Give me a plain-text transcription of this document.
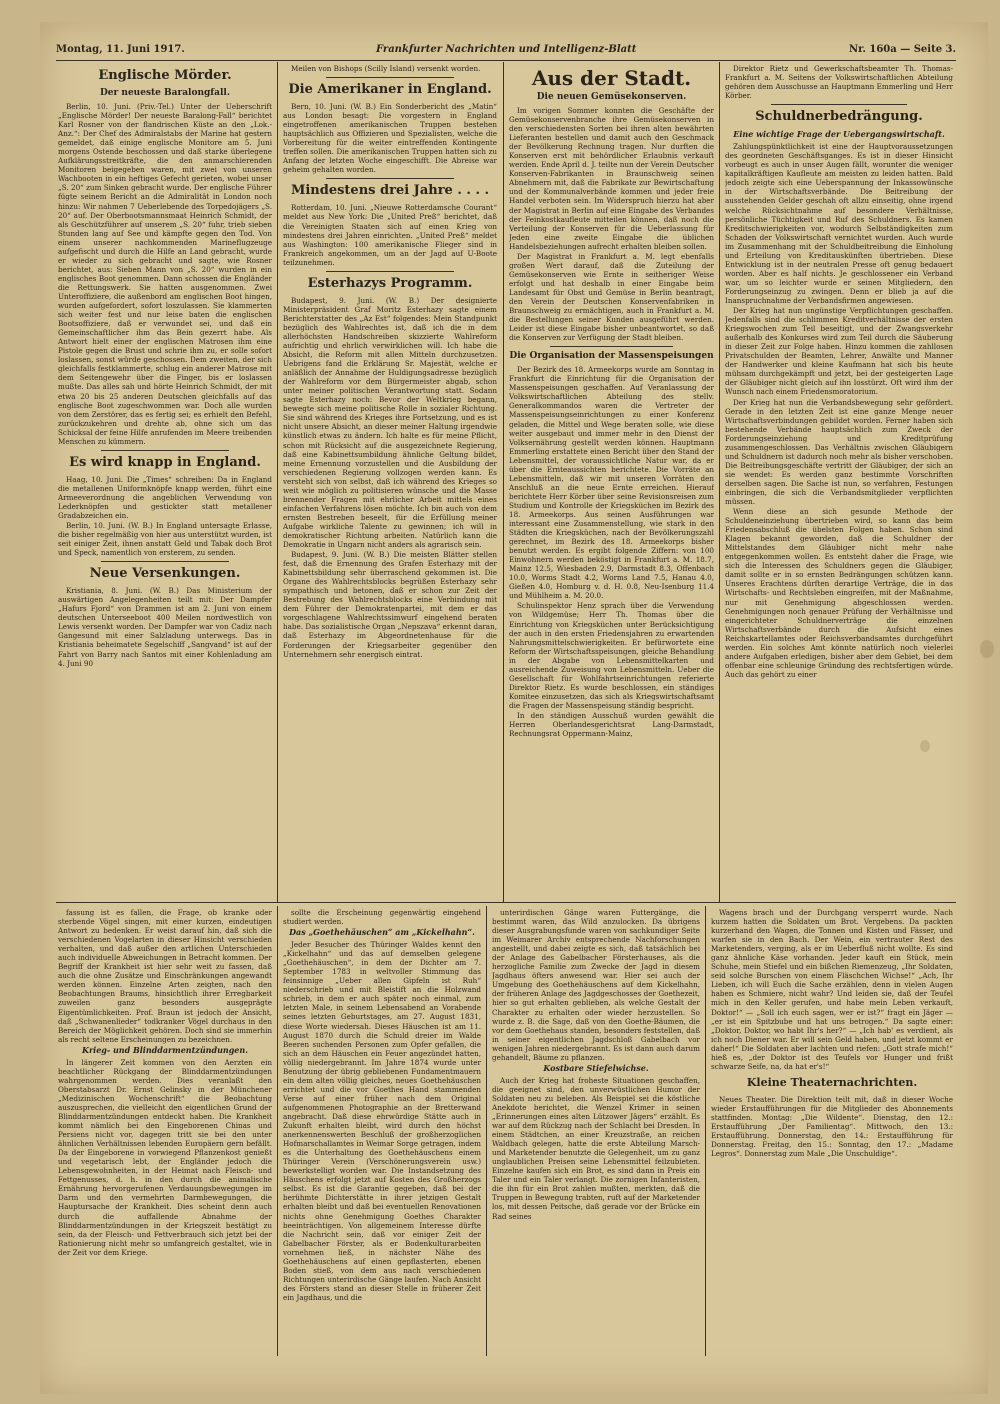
Montag, 11. Juni 1917.	Frankfurter Nachrichten und Intelligenz-Blatt	Nr. 160a — Seite 3.
Englische Mörder.
Der neueste Baralongfall.

Berlin, 10. Juni. (Priv.-Tel.) Unter der Ueberschrift „Englische Mörder! Der neueste Baralong-Fall“ berichtet Karl Rosner von der flandrischen Küste an den „Lok.-Anz.“: Der Chef des Admiralstabs der Marine hat gestern gemeldet, daß einige englische Monitore am 5. Juni morgens Ostende beschossen und daß starke überlegene Aufklärungsstreitkräfte, die den anmarschierenden Monitoren beigegeben waren, mit zwei von unseren Wachbooten in ein heftiges Gefecht gerieten, wobei unser „S. 20“ zum Sinken gebracht wurde. Der englische Führer fügte seinem Bericht an die Admiralität in London noch hinzu: Wir nahmen 7 Ueberlebende des Torpedojägers „S. 20“ auf. Der Oberbootsmannsmaat Heinrich Schmidt, der als Geschützführer auf unserem „S. 20“ fuhr, trieb sieben Stunden lang auf See und kämpfte gegen den Tod. Von einem unserer nachkommenden Marineflugzeuge aufgefischt und durch die Hilfe an Land gebracht, wurde er wieder zu sich gebracht und sagte, wie Rosner berichtet, aus: Sieben Mann von „S. 20“ wurden in ein englisches Boot genommen. Dann schossen die Engländer die Rettungswerk. Sie hatten ausgenommen. Zwei Unteroffiziere, die außenbord am englischen Boot hingen, wurden aufgefordert, sofort loszulassen. Sie klammerten sich weiter fest und nur leise baten die englischen Bootsoffiziere, daß er verwundet sei, und daß ein Gemeinschaftlicher ihm das Bein gezerrt habe. Als Antwort hielt einer der englischen Matrosen ihm eine Pistole gegen die Brust und schrie ihm zu, er solle sofort loslassen, sonst würde geschossen. Dem zweiten, der sich gleichfalls festklammerte, schlug ein anderer Matrose mit dem Seitengewehr über die Finger, bis er loslassen mußte. Das alles sah und hörte Heinrich Schmidt, der mit etwa 20 bis 25 anderen Deutschen gleichfalls auf das englische Boot zugeschwommen war. Doch alle wurden von dem Zerstörer, das es fertig sei; es erhielt den Befehl, zurückzukehren und drehte ab, ohne sich um das Schicksal der feine Hilfe anrufenden im Meere treibenden Menschen zu kümmern.

Es wird knapp in England.

Haag, 10. Juni. Die „Times“ schreiben: Da in England die metallenen Uniformknöpfe knapp werden, führt eine Armeeverordnung die angeblichen Verwendung von Lederknöpfen und gestickter statt metallener Gradabzeichen ein.

Berlin, 10. Juni. (W. B.) In England untersagte Erlasse, die bisher regelmäßig von hier aus unterstützt wurden, ist seit einiger Zeit, ihnen anstatt Geld und Tabak doch Brot und Speck, namentlich von ersterem, zu senden.

Neue Versenkungen.

Kristiania, 8. Juni. (W. B.) Das Ministerium der auswärtigen Angelegenheiten teilt mit: Der Dampfer „Hafurs Fjord“ von Drammen ist am 2. Juni von einem deutschen Unterseeboot 400 Meilen nordwestlich von Lewis versenkt worden. Der Dampfer war von Cadiz nach Gangesund mit einer Salzladung unterwegs. Das in Kristiania beheimatete Segelschiff „Sangvand“ ist auf der Fahrt von Barry nach Santos mit einer Kohlenladung am 4. Juni 90

Meilen von Bishops (Scilly Island) versenkt worden.

Die Amerikaner in England.

Bern, 10. Juni. (W. B.) Ein Sonderbericht des „Matin“ aus London besagt: Die vorgestern in England eingetroffenen amerikanischen Truppen bestehen hauptsächlich aus Offizieren und Spezialisten, welche die Vorbereitung für die weiter eintreffenden Kontingente treffen sollen. Die amerikanischen Truppen hatten sich zu Anfang der letzten Woche eingeschifft. Die Abreise war geheim gehalten worden.

Mindestens drei Jahre . . . .

Rotterdam, 10. Juni. „Nieuwe Rotterdamsche Courant“ meldet aus New York: Die „United Preß“ berichtet, daß die Vereinigten Staaten sich auf einen Krieg von mindestens drei Jahren einrichten. „United Preß“ meldet aus Washington: 100 amerikanische Flieger sind in Frankreich angekommen, um an der Jagd auf U-Boote teilzunehmen.

Esterhazys Programm.

Budapest, 9. Juni. (W. B.) Der designierte Ministerpräsident Graf Moritz Esterhazy sagte einem Berichterstatter des „Az Est“ folgendes: Mein Standpunkt bezüglich des Wahlrechtes ist, daß ich die in dem allerhöchsten Handschreiben skizzierte Wahlreform aufrichtig und ehrlich verwirklichen will. Ich habe die Absicht, die Reform mit allen Mitteln durchzusetzen. Uebrigens fand die Erklärung Sr. Majestät, welche er anläßlich der Annahme der Huldigungsadresse bezüglich der Wahlreform vor dem Bürgermeister abgab, schon unter meiner politischen Verantwortung statt. Sodann sagte Esterhazy noch: Bevor der Weltkrieg begann, bewegte sich meine politische Rolle in sozialer Richtung. Sie sind während des Krieges ihre Fortsetzung, und es ist nicht unsere Absicht, an dieser meiner Haltung irgendwie künstlich etwas zu ändern. Ich halte es für meine Pflicht, schon mit Rücksicht auf die ausgezeichnete Regierung, daß eine Kabinettsumbildung ähnliche Geltung bildet, meine Ernennung vorzustellen und die Ausbildung der verschiedenen Regierung vollzogen werden kann. Es versteht sich von selbst, daß ich während des Krieges so weit wie möglich zu politisieren wünsche und die Masse brennender Fragen mit ehrlicher Arbeit mittels eines einfachen Verfahrens lösen möchte. Ich bin auch von dem ernsten Bestreben beseelt, für die Erfüllung meiner Aufgabe wirkliche Talente zu gewinnen; ich will in demokratischer Richtung arbeiten. Natürlich kann die Demokratie in Ungarn nicht anders als agrarisch sein.

Budapest, 9. Juni. (W. B.) Die meisten Blätter stellen fest, daß die Ernennung des Grafen Esterhazy mit der Kabinettsbildung sehr überraschend gekommen ist. Die Organe des Wahlrechtsblocks begrüßen Esterhazy sehr sympathisch und betonen, daß er schon zur Zeit der Bestrebung des Wahlrechtsblocks eine Verbindung mit dem Führer der Demokratenpartei, mit dem er das vorgeschlagene Wahlrechtssimwurf eingehend beraten habe. Das sozialistische Organ „Nepszava“ erkennt daran, daß Esterhazy im Abgeordnetenhause für die Forderungen der Kriegsarbeiter gegenüber den Unternehmern sehr energisch eintrat.

Aus der Stadt.
Die neuen Gemüsekonserven.

Im vorigen Sommer konnten die Geschäfte der Gemüsekonservenbranche ihre Gemüsekonserven in den verschiedensten Sorten bei ihren alten bewährten Lieferanten bestellen und damit auch den Geschmack der Bevölkerung Rechnung tragen. Nur durften die Konserven erst mit behördlicher Erlaubnis verkauft werden. Ende April d. J. teilte nun der Verein Deutscher Konserven-Fabrikanten in Braunschweig seinen Abnehmern mit, daß die Fabrikate zur Bewirtschaftung und der Kommunalverbände kommen und jeder freie Handel verboten sein. Im Widerspruch hierzu hat aber der Magistrat in Berlin auf eine Eingabe des Verbandes der Feinkostkaufleute mitteilen können, daß noch die Verteilung der Konserven für die Ueberlassung für Jeden eine zweite Eingabe die üblichen Handelsbeziehungen aufrecht erhalten bleiben sollen.

Der Magistrat in Frankfurt a. M. legt ebenfalls großen Wert darauf, daß die Zuteilung der Gemüsekonserven wie Ernte in seitheriger Weise erfolgt und hat deshalb in einer Eingabe beim Landesamt für Obst und Gemüse in Berlin beantragt, den Verein der Deutschen Konservenfabriken in Braunschweig zu ermächtigen, auch in Frankfurt a. M. die Bestellungen seiner Kunden ausgeführt werden. Leider ist diese Eingabe bisher unbeantwortet, so daß die Konserven zur Verfügung der Stadt bleiben.

Die Organisation der Massenspeisungen

Der Bezirk des 18. Armeekorps wurde am Sonntag in Frankfurt die Einrichtung für die Organisation der Massenspeisungen geschaffen. Auf Veranlassung der Volkswirtschaftlichen Abteilung des stellv. Generalkommandos waren die Vertreter der Massenspeisungseinrichtungen zu einer Konferenz geladen, die Mittel und Wege beraten solle, wie diese weiter ausgebaut und immer mehr in den Dienst der Volksernährung gestellt werden können. Hauptmann Emmerling erstattete einen Bericht über den Stand der Lebensmittel, der voraussichtliche Natur war, da er über die Ernteaussichten berichtete. Die Vorräte an Lebensmitteln, daß wir mit unseren Vorräten den Anschluß an die neue Ernte erreichen. Hierauf berichtete Herr Körber über seine Revisionsreisen zum Studium und Kontrolle der Kriegsküchen im Bezirk des 18. Armeekorps. Aus seinen Ausführungen war interessant eine Zusammenstellung, wie stark in den Städten die Kriegsküchen, nach der Bevölkerungszahl gerechnet, im Bezirk des 18. Armeekorps bisher benutzt werden. Es ergibt folgende Ziffern: von 100 Einwohnern werden beköstigt in Frankfurt a. M. 18.7, Mainz 12.5, Wiesbaden 2.9, Darmstadt 8.3, Offenbach 10.0, Worms Stadt 4.2, Worms Land 7.5, Hanau 4.0, Gießen 4.0, Homburg v. d. H. 0.8, Neu-Isenburg 11.4 und Mühlheim a. M. 20.0.

Schulinspektor Henz sprach über die Verwendung von Wildgemüse; Herr Th. Thomas über die Einrichtung von Kriegsküchen unter Berücksichtigung der auch in den ersten Friedensjahren zu erwartenden Nahrungsmittelschwierigkeiten. Er befürwortete eine Reform der Wirtschaftsspeisungen, gleiche Behandlung in der Abgabe von Lebensmittelkarten und ausreichende Zuweisung von Lebensmitteln. Ueber die Gesellschaft für Wohlfahrtseinrichtungen referierte Direktor Rietz. Es wurde beschlossen, ein ständiges Komitee einzusetzen, das sich als Kriegswirtschaftsamt die Fragen der Massenspeisung ständig bespricht.

In den ständigen Ausschuß wurden gewählt die Herren Oberlandesgerichtsrat Lang-Darmstadt, Rechnungsrat Oppermann-Mainz,

Direktor Rietz und Gewerkschaftsbeamter Th. Thomas-Frankfurt a. M. Seitens der Volkswirtschaftlichen Abteilung gehören dem Ausschusse an Hauptmann Emmerling und Herr Körber.

Schuldnerbedrängung.
Eine wichtige Frage der Uebergangswirtschaft.

Zahlungspünktlichkeit ist eine der Hauptvoraussetzungen des geordneten Geschäftsganges. Es ist in dieser Hinsicht vorbeugt es auch in unser Augen fällt, worunter die weniger kapitalkräftigen Kaufleute am meisten zu leiden hatten. Bald jedoch zeigte sich eine Ueberspannung der Inkassowünsche in der Wirtschaftsverbände. Die Beitreibung der ausstehenden Gelder geschah oft allzu einseitig, ohne irgend welche Rücksichtnahme auf besondere Verhältnisse, persönliche Tüchtigkeit und Ruf des Schuldners. Es kamen Kreditschwierigkeiten vor, wodurch Selbständigkeiten zum Schaden der Volkswirtschaft vernichtet wurden. Auch wurde im Zusammenhang mit der Schuldbeitreibung die Einholung und Erteilung von Kreditauskünften übertrieben. Diese Entwicklung ist in der neutralen Presse oft genug bedauert worden. Aber es half nichts. Je geschlossener ein Verband war, um so leichter wurde er seinen Mitgliedern, den Forderungseinzug zu zwingen. Denn er blieb ja auf die Inanspruchnahme der Verbandsfirmen angewiesen.

Der Krieg hat nun ungünstige Verpflichtungen geschaffen. Jedenfalls sind die schlimmen Kreditverhältnisse der ersten Kriegswochen zum Teil beseitigt, und der Zwangsverkehr außerhalb des Konkurses wird zum Teil durch die Säuberung in dieser Zeit zur Folge haben. Hinzu kommen die zahllosen Privatschulden der Beamten, Lehrer, Anwälte und Manner der Handwerker und kleine Kaufmann hat sich bis heute mühsam durchgekämpft und jetzt, bei der gesteigerten Lage der Gläubiger nicht gleich auf ihn losstürzt. Oft wird ihm der Wunsch nach einem Friedensmoratorium.

Der Krieg hat nun die Verbandsbewegung sehr gefördert. Gerade in den letzten Zeit ist eine ganze Menge neuer Wirtschaftsverbindungen gebildet worden. Ferner haben sich bestehende Verbände hauptsächlich zum Zweck der Forderungseinziehung und Kreditprüfung zusammengeschlossen. Das Verhältnis zwischen Gläubigern und Schuldnern ist dadurch noch mehr als bisher verschoben. Die Beitreibungsgeschäfte vertritt der Gläubiger, der sich an sie wendet: Es werden ganz bestimmte Vorschriften derselben sagen. Die Sache ist nun, so verfahren, Festungen einbringen, die sich die Verbandsmitglieder verpflichten müssen.

Wenn diese an sich gesunde Methode der Schuldeneinziehung übertrieben wird, so kann das beim Friedensabschluß die übelsten Folgen haben. Schon sind Klagen bekannt geworden, daß die Schuldner der Mittelstandes dem Gläubiger nicht mehr nahe entgegenkommen wollen. Es entsteht daher die Frage, wie sich die Interessen des Schuldners gegen die Gläubiger, damit sollte er in so ernsten Bedrängungen schützen kann. Unseres Erachtens dürften derartige Verträge, die in das Wirtschafts- und Rechtsleben eingreifen, mit der Maßnahme, nur mit Genehmigung abgeschlossen werden. Genehmigungen noch genauer Prüfung der Verhältnisse und eingerichteter Schuldnerverträge die einzelnen Wirtschaftsverbände durch die Aufsicht eines Reichskartellamtes oder Reichsverbandsamtes durchgeführt werden. Ein solches Amt könnte natürlich noch vielerlei andere Aufgaben erledigen, bisher aber dem Gebiet, bei dem offenbar eine schleunige Gründung des rechtsfertigen würde. Auch das gehört zu einer

fassung ist es fallen, die Frage, ob kranke oder sterbende Vögel singen, mit einer kurzen, eindeutigen Antwort zu bedenken. Er weist darauf hin, daß sich die verschiedenen Vogelarten in dieser Hinsicht verschieden verhalten, und daß außer den artlichen Unterschieden auch individuelle Abweichungen in Betracht kommen. Der Begriff der Krankheit ist hier sehr weit zu fassen, daß auch die ohne Zusätze und Einschränkungen angewandt werden können. Einzelne Arten zeigten, nach den Beobachtungen Braums, hinsichtlich ihrer Erregbarkeit zuweilen ganz besonders ausgeprägte Eigentümlichkeiten. Prof. Braun ist jedoch der Ansicht, daß „Schwanenlieder“ todkranker Vögel durchaus in den Bereich der Möglichkeit gehören. Doch sind sie immerhin als recht seltene Erscheinungen zu bezeichnen.

Krieg- und Blinddarmentzündungen.

In längerer Zeit kommen von den Aerzten ein beachtlicher Rückgang der Blinddarmentzündungen wahrgenommen werden. Dies veranlaßt den Oberstabsarzt Dr. Ernst Gelinsky in der Münchener „Medizinischen Wochenschrift“ die Beobachtung auszusprechen, die vielleicht den eigentlichen Grund der Blinddarmentzündungen entdeckt haben. Die Krankheit kommt nämlich bei den Eingeborenen Chinas und Persiens nicht vor, dagegen tritt sie bei den unter ähnlichen Verhältnissen lebenden Europäern gern befällt. Da der Eingeborene in vorwiegend Pflanzenkost genießt und vegetarisch lebt, der Engländer jedoch die Lebensgewohnheiten, in der Heimat nach Fleisch- und Fettgenusses, d. h. in den durch die animalische Ernährung hervorgerufenen Verdauungsbewegungen im Darm und den vermehrten Darmbewegungen, die Hauptursache der Krankheit. Dies scheint denn auch durch die auffallende Abnahme der Blinddarmentzündungen in der Kriegszeit bestätigt zu sein, da der Fleisch- und Fettverbrauch sich jetzt bei der Rationierung nicht mehr so umfangreich gestaltet, wie in der Zeit vor dem Kriege.

sollte die Erscheinung gegenwärtig eingehend studiert werden.

Das „Goethehäuschen“ am „Kickelhahn“.

Jeder Besucher des Thüringer Waldes kennt den „Kickelhahn“ und das auf demselben gelegene „Goethehäuschen“, in dem der Dichter am 7. September 1783 in weltvoller Stimmung das feinsinnige „Ueber allen Gipfeln ist Ruh“ niederschrieb und mit Bleistift an die Holzwand schrieb, in dem er auch später noch einmal, zum letzten Male, in seinem Lebensabend an Vorabende seines letzten Geburtstages, am 27. August 1831, diese Worte wiedersah. Dieses Häuschen ist am 11. August 1870 durch die Schuld dreier im Walde Beeren suchenden Personen zum Opfer gefallen, die sich an dem Häuschen ein Feuer angezündet hatten, völlig niedergebrannt. Im Jahre 1874 wurde unter Benutzung der übrig gebliebenen Fundamentmauern ein dem alten völlig gleiches, neues Goethehäuschen errichtet und die vor Goethes Hand stammenden Verse auf einer früher nach dem Original aufgenommenen Photographie an der Bretterwand angebracht. Daß diese ehrwürdige Stätte auch in Zukunft erhalten bleibt, wird durch den höchst anerkennenswerten Beschluß der großherzoglichen Hofmarschallamtes in Weimar Sorge getragen, indem es die Unterhaltung des Goethehäuschens einem Thüringer Verein (Verschönerungsverein usw.) bewerkstelligt worden war. Die Instandsetzung des Häuschens erfolgt jetzt auf Kosten des Großherzogs selbst. Es ist die Garantie gegeben, daß bei der berühmte Dichterstätte in ihrer jetzigen Gestalt erhalten bleibt und daß bei eventuellen Renovationen nichts ohne Genehmigung Goethes Charakter beeinträchtigen. Von allgemeinem Interesse dürfte die Nachricht sein, daß vor einiger Zeit der Gabelbacher Förster, als er Bodenkulturarbeiten vornehmen ließ, in nächster Nähe des Goethehäuschens auf einen gepflasterten, ebenen Boden stieß, von dem aus nach verschiedenen Richtungen unterirdische Gänge laufen. Nach Ansicht des Försters stand an dieser Stelle in früherer Zeit ein Jagdhaus, und die

unterirdischen Gänge waren Futtergänge, die bestimmt waren, das Wild anzulocken. Da übrigens dieser Ausgrabungsfunde waren von sachkundiger Seite im Weimarer Archiv entsprechende Nachforschungen angestellt, und dabei zeigte es sich, daß tatsächlich bei der Anlage des Gabelbacher Försterhauses, als die herzogliche Familie zum Zwecke der Jagd in diesem Jagdhaus öfters anwesend war. Hier sei auch der Umgebung des Goethehäuschens auf dem Kickelhahn, der früheren Anlage des Jagdgeschosses der Goethezeit, hier so gut erhalten geblieben, als welche Gestalt der Charakter zu erhalten oder wieder herzustellen. So wurde z. B. die Sage, daß von den Goethe-Bäumen, die vor dem Goethehaus standen, besonders feststellen, daß in seiner eigentlichen Jagdschloß Gabelbach vor wenigen Jahren niedergebrannt. Es ist dann auch darum gehandelt, Bäume zu pflanzen.

Kostbare Stiefelwichse.

Auch der Krieg hat froheste Situationen geschaffen, die geeignet sind, den unverwüstlichen Humor der Soldaten neu zu beleben. Als Beispiel sei die köstliche Anekdote berichtet, die Wenzel Krimer in seinen „Erinnerungen eines alten Lützower Jägers“ erzählt. Es war auf dem Rückzug nach der Schlacht bei Dresden. In einem Städtchen, an einer Kreuzstraße, an reichen Waldbach gelegen, hatte die erste Abteilung Marsch- und Marketender benutzte die Gelegenheit, um zu ganz unglaublichen Preisen seine Lebensmittel feilzubieten. Einzelne kaufen sich ein Brot, es sind dann in Preis ein Taler und ein Taler verlangt. Die zornigen Infanteristen, die ihn für ein Brot zahlen mußten, merkten, daß die Truppen in Bewegung trabten, ruft auf der Marketender los, mit dessen Peitsche, daß gerade vor der Brücke ein Rad seines

Wagens brach und der Durchgang versperrt wurde. Nach kurzem hatten die Soldaten um Brot. Vergebens. Da packten kurzerhand den Wagen, die Tonnen und Kisten und Fässer, und warfen sie in den Bach. Der Wein, ein vertrauter Rest des Marketenders, verging, als er im Ueberfluß nicht wollte. Es sind ganz ähnliche Käse vorhanden. Jeder kauft ein Stück, mein Schuhe, mein Stiefel und ein bißchen Riemenzeug, „Ihr Soldaten, seid solche Burschen von einem Fläschchen Wichse!“ „Ach, Ihr Lieben, ich will Euch die Sache erzählen, denn in vielen Augen haben es Schmiere, nicht wahr? Und leiden sie, daß der Teufel mich in den Keller gerufen, und habe mein Leben verkauft, Doktor!“ — „Soll ich euch sagen, wer er ist?“ fragt ein Jäger — „er ist ein Spitzbube und hat uns betrogen.“ Da sagte einer: „Doktor, Doktor, wo habt Ihr's her?“ — „Ich hab' es verdient, als ich noch Diener war. Er will sein Geld haben, und jetzt kommt er daher!“ Die Soldaten aber lachten und riefen: „Gott strafe mich!“ hieß es, „der Doktor ist des Teufels vor Hunger und frißt schwarze Seife, na, da hat er's!“

Kleine Theaternachrichten.

Neues Theater. Die Direktion teilt mit, daß in dieser Woche wieder Erstaufführungen für die Mitglieder des Abonnements stattfinden. Montag: „Die Wildente“. Dienstag, den 12.: Erstaufführung „Der Familientag“. Mittwoch, den 13.: Erstaufführung. Donnerstag, den 14.: Erstaufführung für Donnerstag. Freitag, den 15.: Sonntag, den 17.: „Madame Legros“. Donnerstag zum Male „Die Unschuldige“.
